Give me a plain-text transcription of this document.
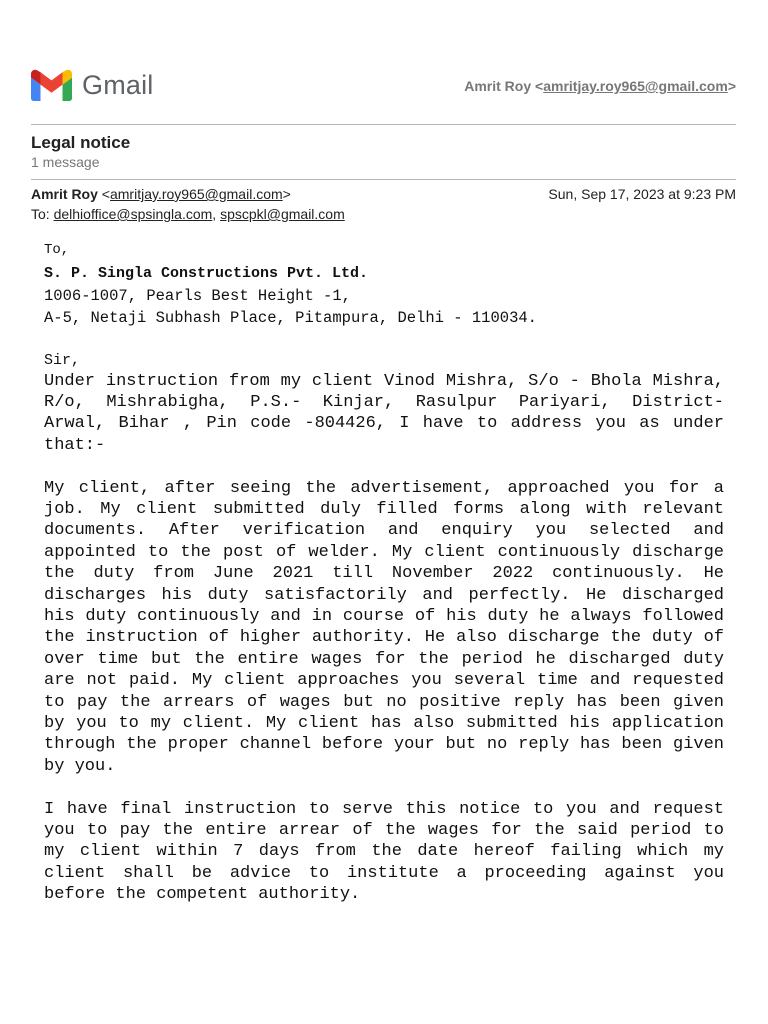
Gmail	Amrit Roy <amritjay.roy965@gmail.com>
Legal notice
1 message
Amrit Roy <amritjay.roy965@gmail.com>	Sun, Sep 17, 2023 at 9:23 PM
To: delhioffice@spsingla.com, spscpkl@gmail.com
To,
S. P. Singla Constructions Pvt. Ltd.
1006-1007, Pearls Best Height -1,
A-5, Netaji Subhash Place, Pitampura, Delhi - 110034.
Sir,

Under instruction from my client Vinod Mishra, S/o - Bhola Mishra, R/o, Mishrabigha, P.S.- Kinjar, Rasulpur Pariyari, District- Arwal, Bihar , Pin code -804426, I have to address you as under that:-

My client, after seeing the advertisement, approached you for a job. My client submitted duly filled forms along with relevant documents. After verification and enquiry you selected and appointed to the post of welder. My client continuously discharge the duty from June 2021 till November 2022 continuously. He discharges his duty satisfactorily and perfectly. He discharged his duty continuously and in course of his duty he always followed the instruction of higher authority. He also discharge the duty of over time but the entire wages for the period he discharged duty are not paid. My client approaches you several time and requested to pay the arrears of wages but no positive reply has been given by you to my client. My client has also submitted his application through the proper channel before your but no reply has been given by you.

I have final instruction to serve this notice to you and request you to pay the entire arrear of the wages for the said period to my client within 7 days from the date hereof failing which my client shall be advice to institute a proceeding against you before the competent authority.
